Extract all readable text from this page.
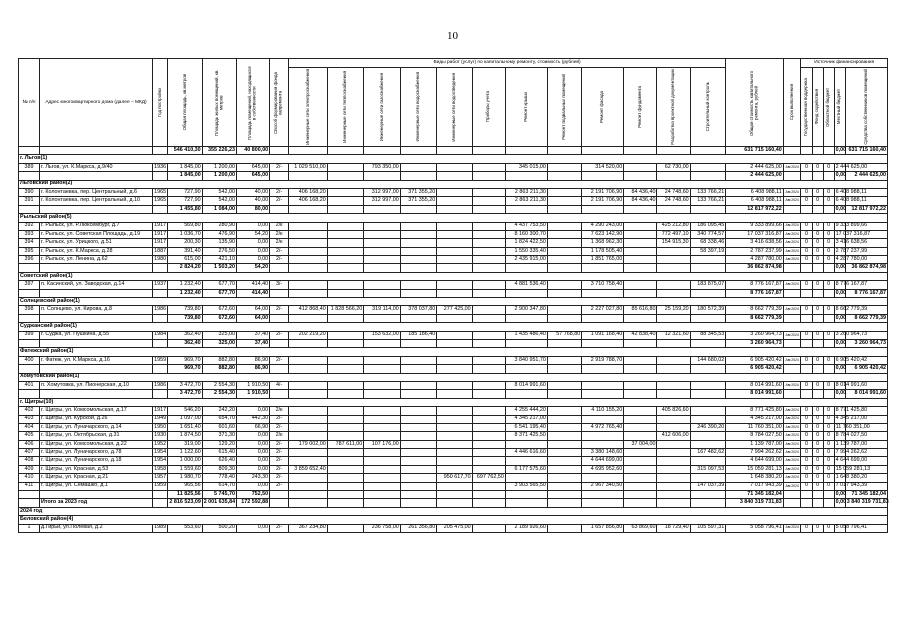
10
№ п/п	Адрес многоквартирного дома (далее – МКД)	Год постройки	Общая площадь, кв.метров	Площадь жилых помещений, кв. метров	Площадь помещений, находящихся в собственности	Способ формирования фонда капремонта	Виды работ (услуг) по капитальному ремонту, стоимость (рублей)												Общая стоимость капитального ремонта, рублей	Срок выполнения	Источник финансирования				

							Инженерные сети электроснабжения	Инженерные сети теплоснабжения	Инженерные сети газоснабжения	Инженерные сети водоснабжения	Инженерные сети водоотведения	Приборы учета	Ремонт крыши	Ремонт подвальных помещений	Ремонт фасада	Ремонт фундамента	Разработка проектной документации	Строительный контроль			Государственная поддержка	Фонд содействия	Областной бюджет	Местный бюджет	Средства собственников помещений

			546 410,30	355 226,23	40 800,00														631 715 160,40					0,00	631 715 160,40
г. Льгов(1)																									
389	г. Льгов, ул. К.Маркса, д.9/40	1936	1 845,00	1 200,00	645,00	2/-	1 029 510,00		793 350,00				345 015,00		314 520,00		62 730,00		2 444 625,00	Авг.2024	0	0	0	2 444 625,00	
			1 845,00	1 200,00	645,00														2 444 625,00					0,00	2 444 625,00
Льговский район(2)																									
390	г. Колонтаевка, пер. Центральный, д.6	1965	727,90	542,00	40,00	2/-	406 168,20		312 997,00	371 355,20			2 863 211,30		2 191 706,90	84 436,40	24 748,60	133 766,21	6 408 988,11	Авг.2024	0	0	0	6 408 988,11	
391	г. Колонтаевка, пер. Центральный, д.10	1965	727,90	542,00	40,00	2/-	406 168,20		312 997,00	371 355,20			2 863 211,30		2 191 706,90	84 436,40	24 748,60	133 766,21	6 408 988,11	Авг.2024	0	0	0	6 408 988,11	
			1 455,80	1 084,00	80,00														12 817 972,22					0,00	12 817 972,22
Рыльский район(5)																									
392	г. Рыльск, ул. Р.Люксембург, д.7	1917	569,80	280,90	0,00	2/к							4 437 753,50		4 290 243,00		425 212,80	186 095,45	9 333 899,66	Авг.2024	0	0	0	9 333 899,66	
393	г. Рыльск, ул. Советская Площадь, д.19	1917	1 036,70	476,90	54,20	2/к							8 160 300,70		7 623 142,90		772 497,10	340 774,57	17 037 316,87	Авг.2024	0	0	0	17 037 316,87	
394	г. Рыльск, ул. Урицкого, д.51	1917	200,30	135,90	0,00	2/к							1 824 422,50		1 368 962,30		154 915,30	68 338,46	3 416 638,56	Авг.2024	0	0	0	3 416 638,56	
395	г. Рыльск, ул. К.Маркса, д.28	1887	391,40	276,50	0,00	2/-							1 550 335,40		1 178 505,40			58 397,19	2 787 237,99	Авг.2024	0	0	0	2 787 237,99	
396	г. Рыльск, ул. Ленина, д.62	1980	615,00	421,10	0,00	2/-							2 435 915,00		1 851 765,00				4 287 780,00	Авг.2024	0	0	0	4 287 780,00	
			2 824,20	1 503,20	54,20														36 862 874,98					0,00	36 862 874,98
Советский район(1)																									
397	п. Касинский, ул. Заводская, д.14	1937	1 232,40	677,70	414,40	3/-							4 881 536,40		3 710 758,40			183 875,07	8 776 167,87	Авг.2024	0	0	0	8 776 167,87	
			1 232,40	677,70	414,40														8 776 167,87					0,00	8 776 167,87
Солнцевский район(1)																									
398	п. Солнцево, ул. Кирова, д.8	1986	739,80	672,60	64,00	2/-	412 868,40	1 828 566,20	319 114,00	378 037,80	277 425,00		2 900 347,80		2 227 027,80	85 616,80	25 159,20	180 572,39	8 662 779,39	Авг.2024	0	0	0	8 662 779,39	
			739,80	672,60	64,00														8 662 779,39					0,00	8 662 779,39
Суджанский район(1)																									
399	г. Суджа, ул. Пушкина, д.55	1984	362,40	325,00	37,40	2/-	202 219,20		153 632,00	185 186,40			1 435 486,40	57 768,80	1 091 168,40	42 838,40	12 321,60	88 345,53	3 260 964,73	Авг.2024	0	0	0	3 260 964,73	
			362,40	325,00	37,40														3 260 964,73					0,00	3 260 964,73
Фатежский район(1)																									
400	г. Фатеж, ул. К.Маркса, д.16	1959	969,70	882,80	86,90	2/-							3 840 951,70		2 919 788,70			144 680,02	6 905 420,42	Авг.2024	0	0	0	6 905 420,42	
			969,70	882,80	86,90														6 905 420,42					0,00	6 905 420,42
Хомутовский район(1)																									
401	п. Хомутовка, ул. Пионерская, д.10	1986	3 472,70	2 554,30	1 910,50	4/-							8 014 991,60						8 014 991,60	Авг.2024	0	0	0	8 014 991,60	
			3 472,70	2 554,30	1 910,50														8 014 991,60					0,00	8 014 991,60
г. Щигры(10)																									
402	г. Щигры, ул. Комсомольская, д.17	1917	546,20	242,20	0,00	2/к							4 255 444,20		4 110 155,20		405 826,60		8 771 425,80	Авг.2024	0	0	0	8 771 425,80	
403	г. Щигры, ул. Курской, д.26	1949	1 097,00	654,70	442,30	2/-							4 345 217,00						4 345 217,00	Авг.2024	0	0	0	4 345 217,00	
404	г. Щигры, ул. Луначарского, д.14	1950	1 651,40	601,60	66,90	2/-							6 541 195,40		4 972 765,40			246 390,20	11 760 351,00	Авг.2024	0	0	0	11 760 351,00	
405	г. Щигры, ул. Октябрьская, д.31	1930	1 874,50	371,30	0,00	2/к							8 371 425,50				412 606,00		8 784 027,50	Авг.2024	0	0	0	8 784 027,50	
406	г. Щигры, ул. Комсомольская, д.22	1952	319,00	129,20	0,00	2/-	179 002,00	787 611,00	107 176,00							37 004,00			1 139 787,00	Авг.2024	0	0	0	1 139 787,00	
407	г. Щигры, ул. Луначарского, д.78	1954	1 122,60	615,40	0,00	2/-							4 446 616,60		3 380 148,60			167 482,62	7 994 262,62	Авг.2024	0	0	0	7 994 262,62	
408	г. Щигры, ул. Луначарского, д.18	1954	1 000,00	626,40	0,00	2/-									4 644 699,00				4 644 699,00	Авг.2024	0	0	0	4 644 699,00	
409	г. Щигры, ул. Красная, д.53	1958	1 559,60	809,30	0,00	2/-	3 859 652,40						6 177 575,60		4 695 952,60			315 097,53	15 059 281,13	Авг.2024	0	0	0	15 059 281,13	
410	г. Щигры, ул. Красная, д.21	1957	1 980,70	778,40	243,30	2/-					950 617,70	697 762,50							1 648 380,20	Авг.2024	0	0	0	1 648 380,20	
411	г. Щигры, ул. Семашко, д.1	1959	965,56	614,70	0,00	2/-							3 903 565,50		2 967 340,50			147 037,39	7 017 943,39	Авг.2024	0	0	0	7 017 943,39	
			11 825,56	5 745,70	752,50														71 345 182,04					0,00	71 345 182,04
	Итого за 2023 год		2 816 523,09	2 001 635,84	172 592,88														3 840 319 731,83					0,00	3 840 319 731,83
2024 год																									
Беловский район(4)																									
1	д.Гирьи, ул.Полевая, д.2	1989	553,60	500,20	0,00	2/-	367 234,80		236 758,00	261 356,80	205 475,00		2 189 926,60		1 657 856,80	63 869,60	18 729,40	105 597,31	5 058 796,41	Авг.2024	0	0	0	5 058 796,41	
